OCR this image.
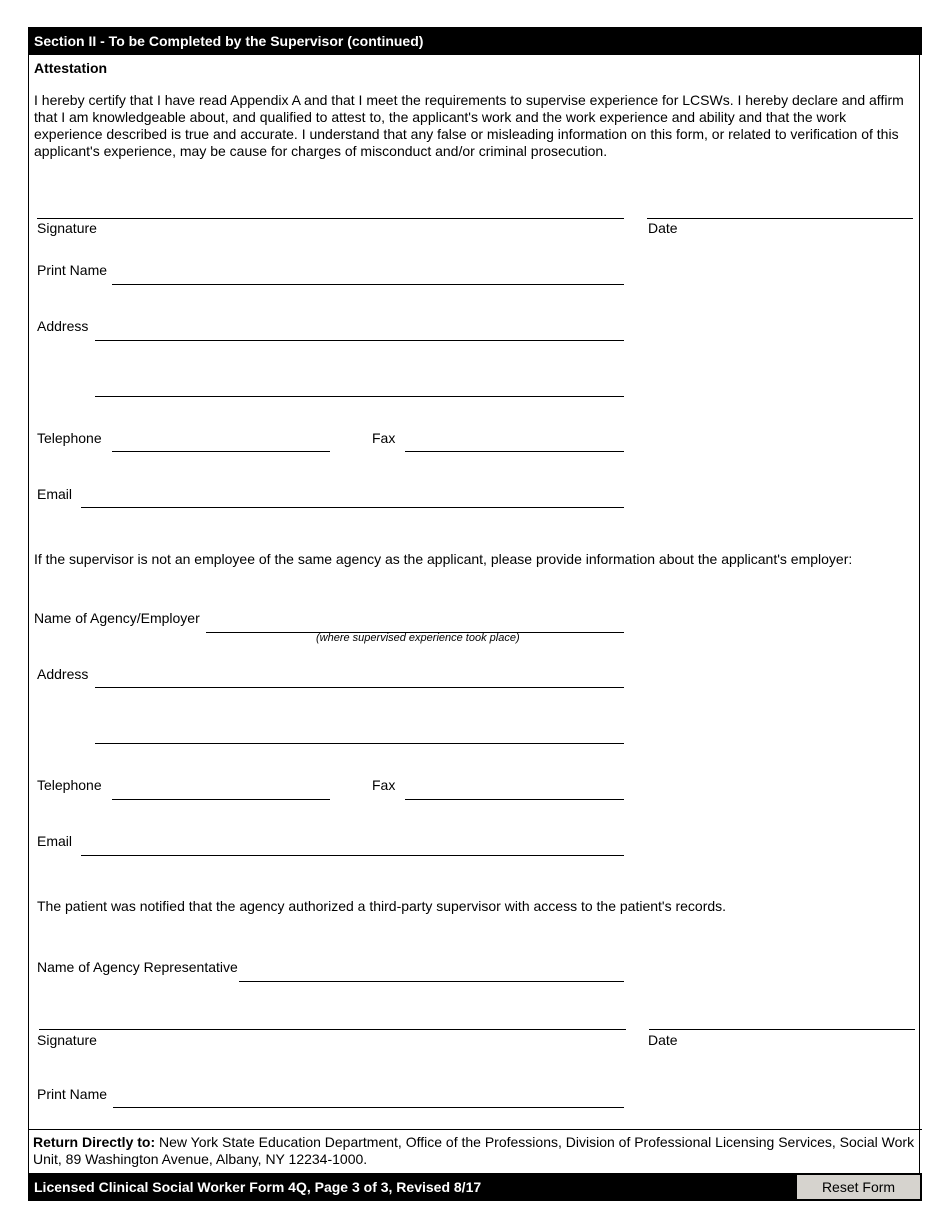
Section II - To be Completed by the Supervisor (continued)
Attestation
I hereby certify that I have read Appendix A and that I meet the requirements to supervise experience for LCSWs. I hereby declare and affirm that I am knowledgeable about, and qualified to attest to, the applicant's work and the work experience and ability and that the work experience described is true and accurate. I understand that any false or misleading information on this form, or related to verification of this applicant's experience, may be cause for charges of misconduct and/or criminal prosecution.
Signature	Date
Print Name
Address
Telephone	Fax
Email
If the supervisor is not an employee of the same agency as the applicant, please provide information about the applicant's employer:
Name of Agency/Employer
(where supervised experience took place)
Address
Telephone	Fax
Email
The patient was notified that the agency authorized a third-party supervisor with access to the patient's records.
Name of Agency Representative
Signature	Date
Print Name
Return Directly to: New York State Education Department, Office of the Professions, Division of Professional Licensing Services, Social Work Unit, 89 Washington Avenue, Albany, NY 12234-1000.
Licensed Clinical Social Worker Form 4Q, Page 3 of 3, Revised 8/17	Reset Form
